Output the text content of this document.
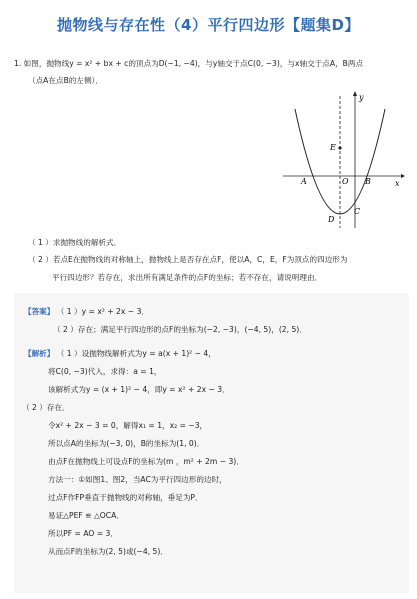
抛物线与存在性（4）平行四边形【题集D】
1. 如图，抛物线y = x² + bx + c的顶点为D(−1, −4)，与y轴交于点C(0, −3)，与x轴交于点A，B两点
（点A在点B的左侧）．
y
x
E
A	O B
C
D
（ 1 ）求抛物线的解析式．
（ 2 ）若点E在抛物线的对称轴上，抛物线上是否存在点F，使以A，C，E，F为顶点的四边形为
平行四边形？若存在，求出所有满足条件的点F的坐标；若不存在，请说明理由．
【答案】 （ 1 ）y = x² + 2x − 3．
（ 2 ）存在；满足平行四边形的点F的坐标为(−2, −3)，(−4, 5)，(2, 5)．
【解析】 （ 1 ）设抛物线解析式为y = a(x + 1)² − 4，
将C(0, −3)代入，求得：a = 1，
该解析式为y = (x + 1)² − 4，即y = x² + 2x − 3．
（ 2 ）存在．
令x² + 2x − 3 = 0，解得x₁ = 1，x₂ = −3，
所以点A的坐标为(−3, 0)，B的坐标为(1, 0)．
由点F在抛物线上可设点F的坐标为(m ，m² + 2m − 3)．
方法一：①如图1、图2，当AC为平行四边形的边时，
过点F作FP垂直于抛物线的对称轴，垂足为P．
易证△PEF ≌ △OCA．
所以PF = AO = 3．
从而点F的坐标为(2, 5)或(−4, 5)．
